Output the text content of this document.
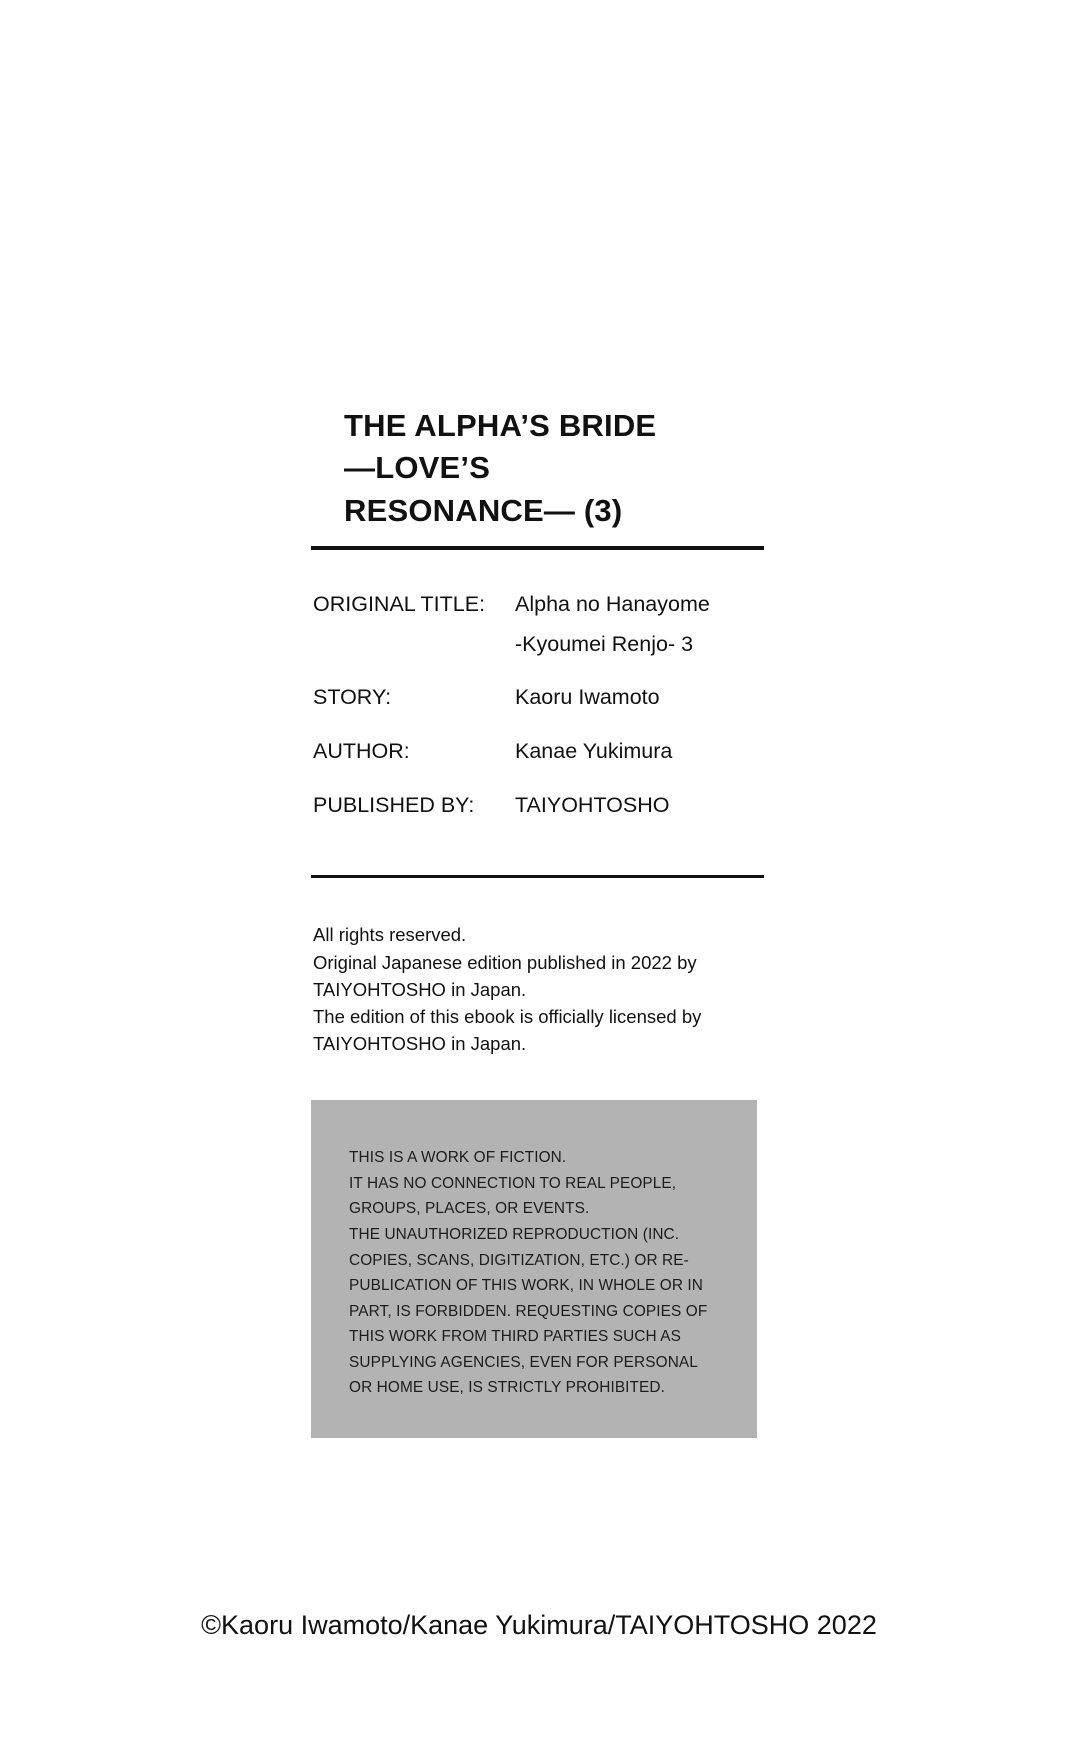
THE ALPHA’S BRIDE
—LOVE’S
RESONANCE— (3)
ORIGINAL TITLE:	Alpha no Hanayome
-Kyoumei Renjo- 3
STORY:	Kaoru Iwamoto
AUTHOR:	Kanae Yukimura
PUBLISHED BY:	TAIYOHTOSHO
All rights reserved.
Original Japanese edition published in 2022 by
TAIYOHTOSHO in Japan.
The edition of this ebook is officially licensed by
TAIYOHTOSHO in Japan.
THIS IS A WORK OF FICTION.
IT HAS NO CONNECTION TO REAL PEOPLE,
GROUPS, PLACES, OR EVENTS.
THE UNAUTHORIZED REPRODUCTION (INC.
COPIES, SCANS, DIGITIZATION, ETC.) OR RE-
PUBLICATION OF THIS WORK, IN WHOLE OR IN
PART, IS FORBIDDEN. REQUESTING COPIES OF
THIS WORK FROM THIRD PARTIES SUCH AS
SUPPLYING AGENCIES, EVEN FOR PERSONAL
OR HOME USE, IS STRICTLY PROHIBITED.
©Kaoru Iwamoto/Kanae Yukimura/TAIYOHTOSHO 2022
